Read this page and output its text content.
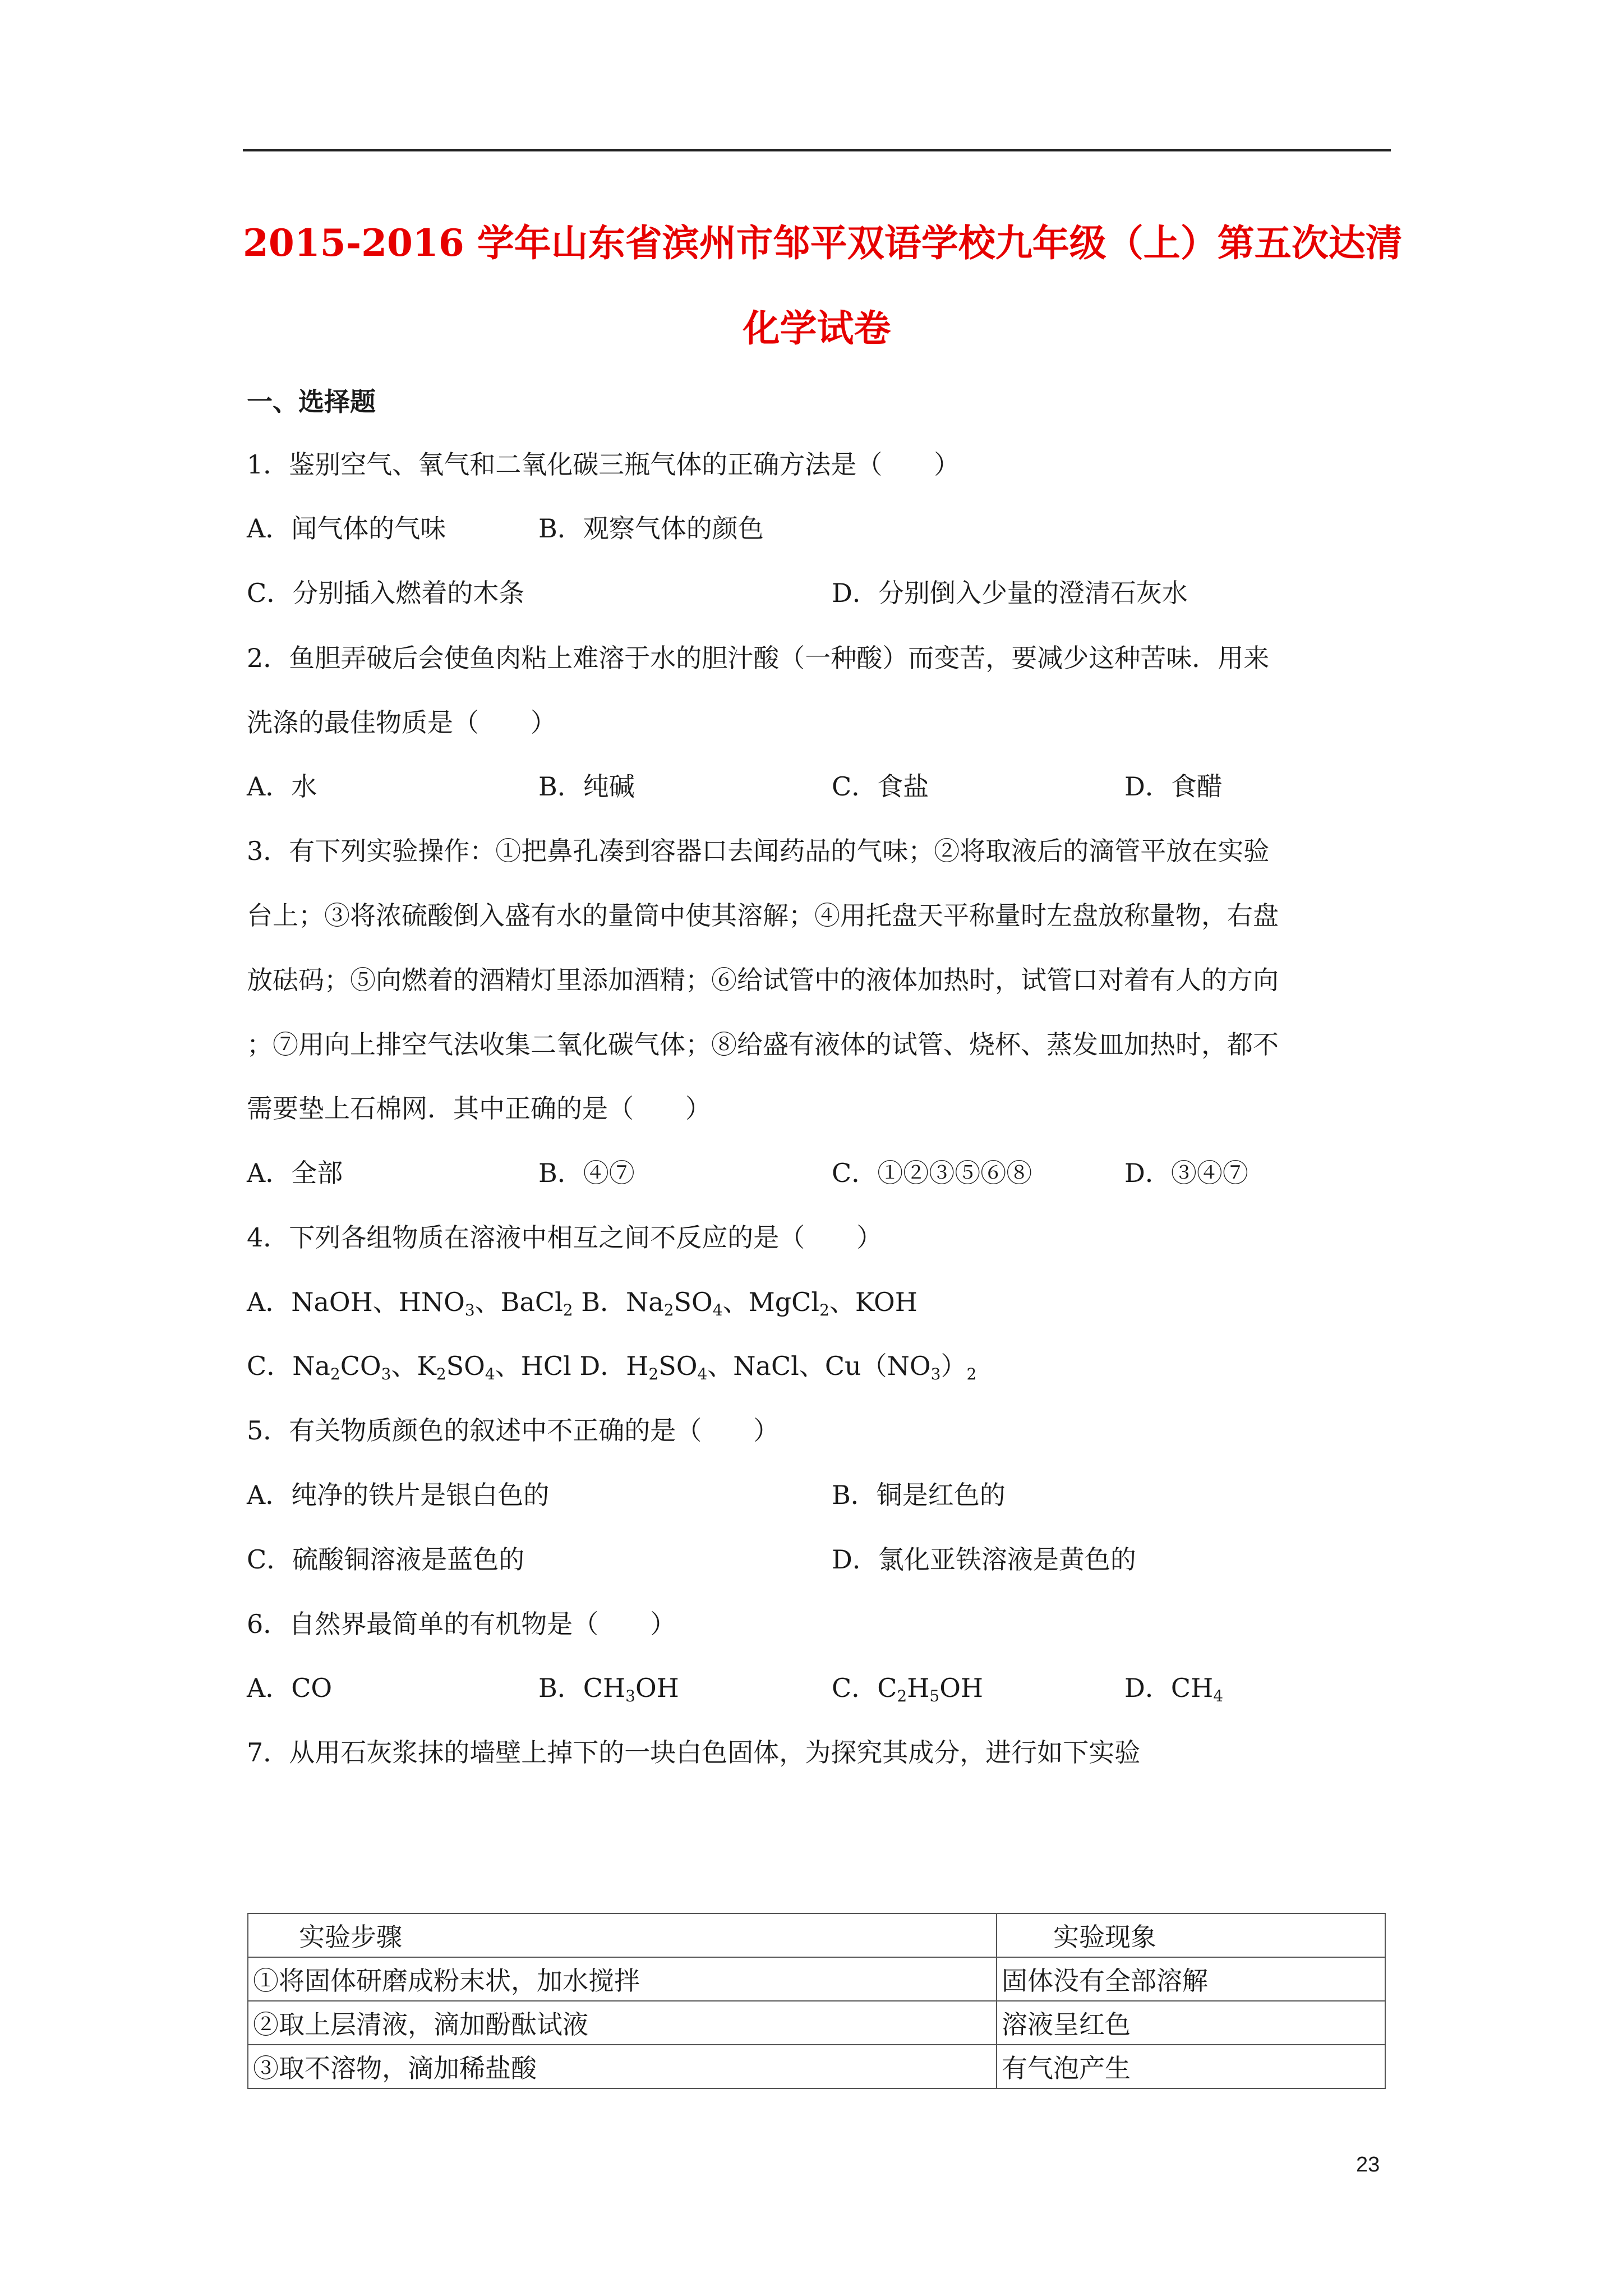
2015-2016 学年山东省滨州市邹平双语学校九年级（上）第五次达清
化学试卷
一、选择题
1．鉴别空气、氧气和二氧化碳三瓶气体的正确方法是（　　）
A．闻气体的气味	B．观察气体的颜色
C．分别插入燃着的木条	D．分别倒入少量的澄清石灰水
2．鱼胆弄破后会使鱼肉粘上难溶于水的胆汁酸（一种酸）而变苦，要减少这种苦味．用来
洗涤的最佳物质是（　　）
A．水	B．纯碱	C．食盐	D．食醋
3．有下列实验操作：①把鼻孔凑到容器口去闻药品的气味；②将取液后的滴管平放在实验
台上；③将浓硫酸倒入盛有水的量筒中使其溶解；④用托盘天平称量时左盘放称量物，右盘
放砝码；⑤向燃着的酒精灯里添加酒精；⑥给试管中的液体加热时，试管口对着有人的方向
；⑦用向上排空气法收集二氧化碳气体；⑧给盛有液体的试管、烧杯、蒸发皿加热时，都不
需要垫上石棉网．其中正确的是（　　）
A．全部	B．④⑦	C．①②③⑤⑥⑧	D．③④⑦
4．下列各组物质在溶液中相互之间不反应的是（　　）
A．NaOH、$HNO_3$、BaCl$_2$ B．$Na_2SO_4$、MgCl$_2$、KOH
C．$Na_2CO_3$、$K_2SO_4$、HCl D．$H_2SO_4$、NaCl、$Cu(NO_3)_2$
5．有关物质颜色的叙述中不正确的是（　　）
A．纯净的铁片是银白色的	B．铜是红色的
C．硫酸铜溶液是蓝色的	D．氯化亚铁溶液是黄色的
6．自然界最简单的有机物是（　　）
A．CO	B．$CH_3OH$	C．$C_2H_5OH$	D．$CH_4$
7．从用石灰浆抹的墙壁上掉下的一块白色固体，为探究其成分，进行如下实验
实验步骤	实验现象
①将固体研磨成粉末状，加水搅拌	固体没有全部溶解
②取上层清液，滴加酚酞试液	溶液呈红色
③取不溶物，滴加稀盐酸	有气泡产生
23
